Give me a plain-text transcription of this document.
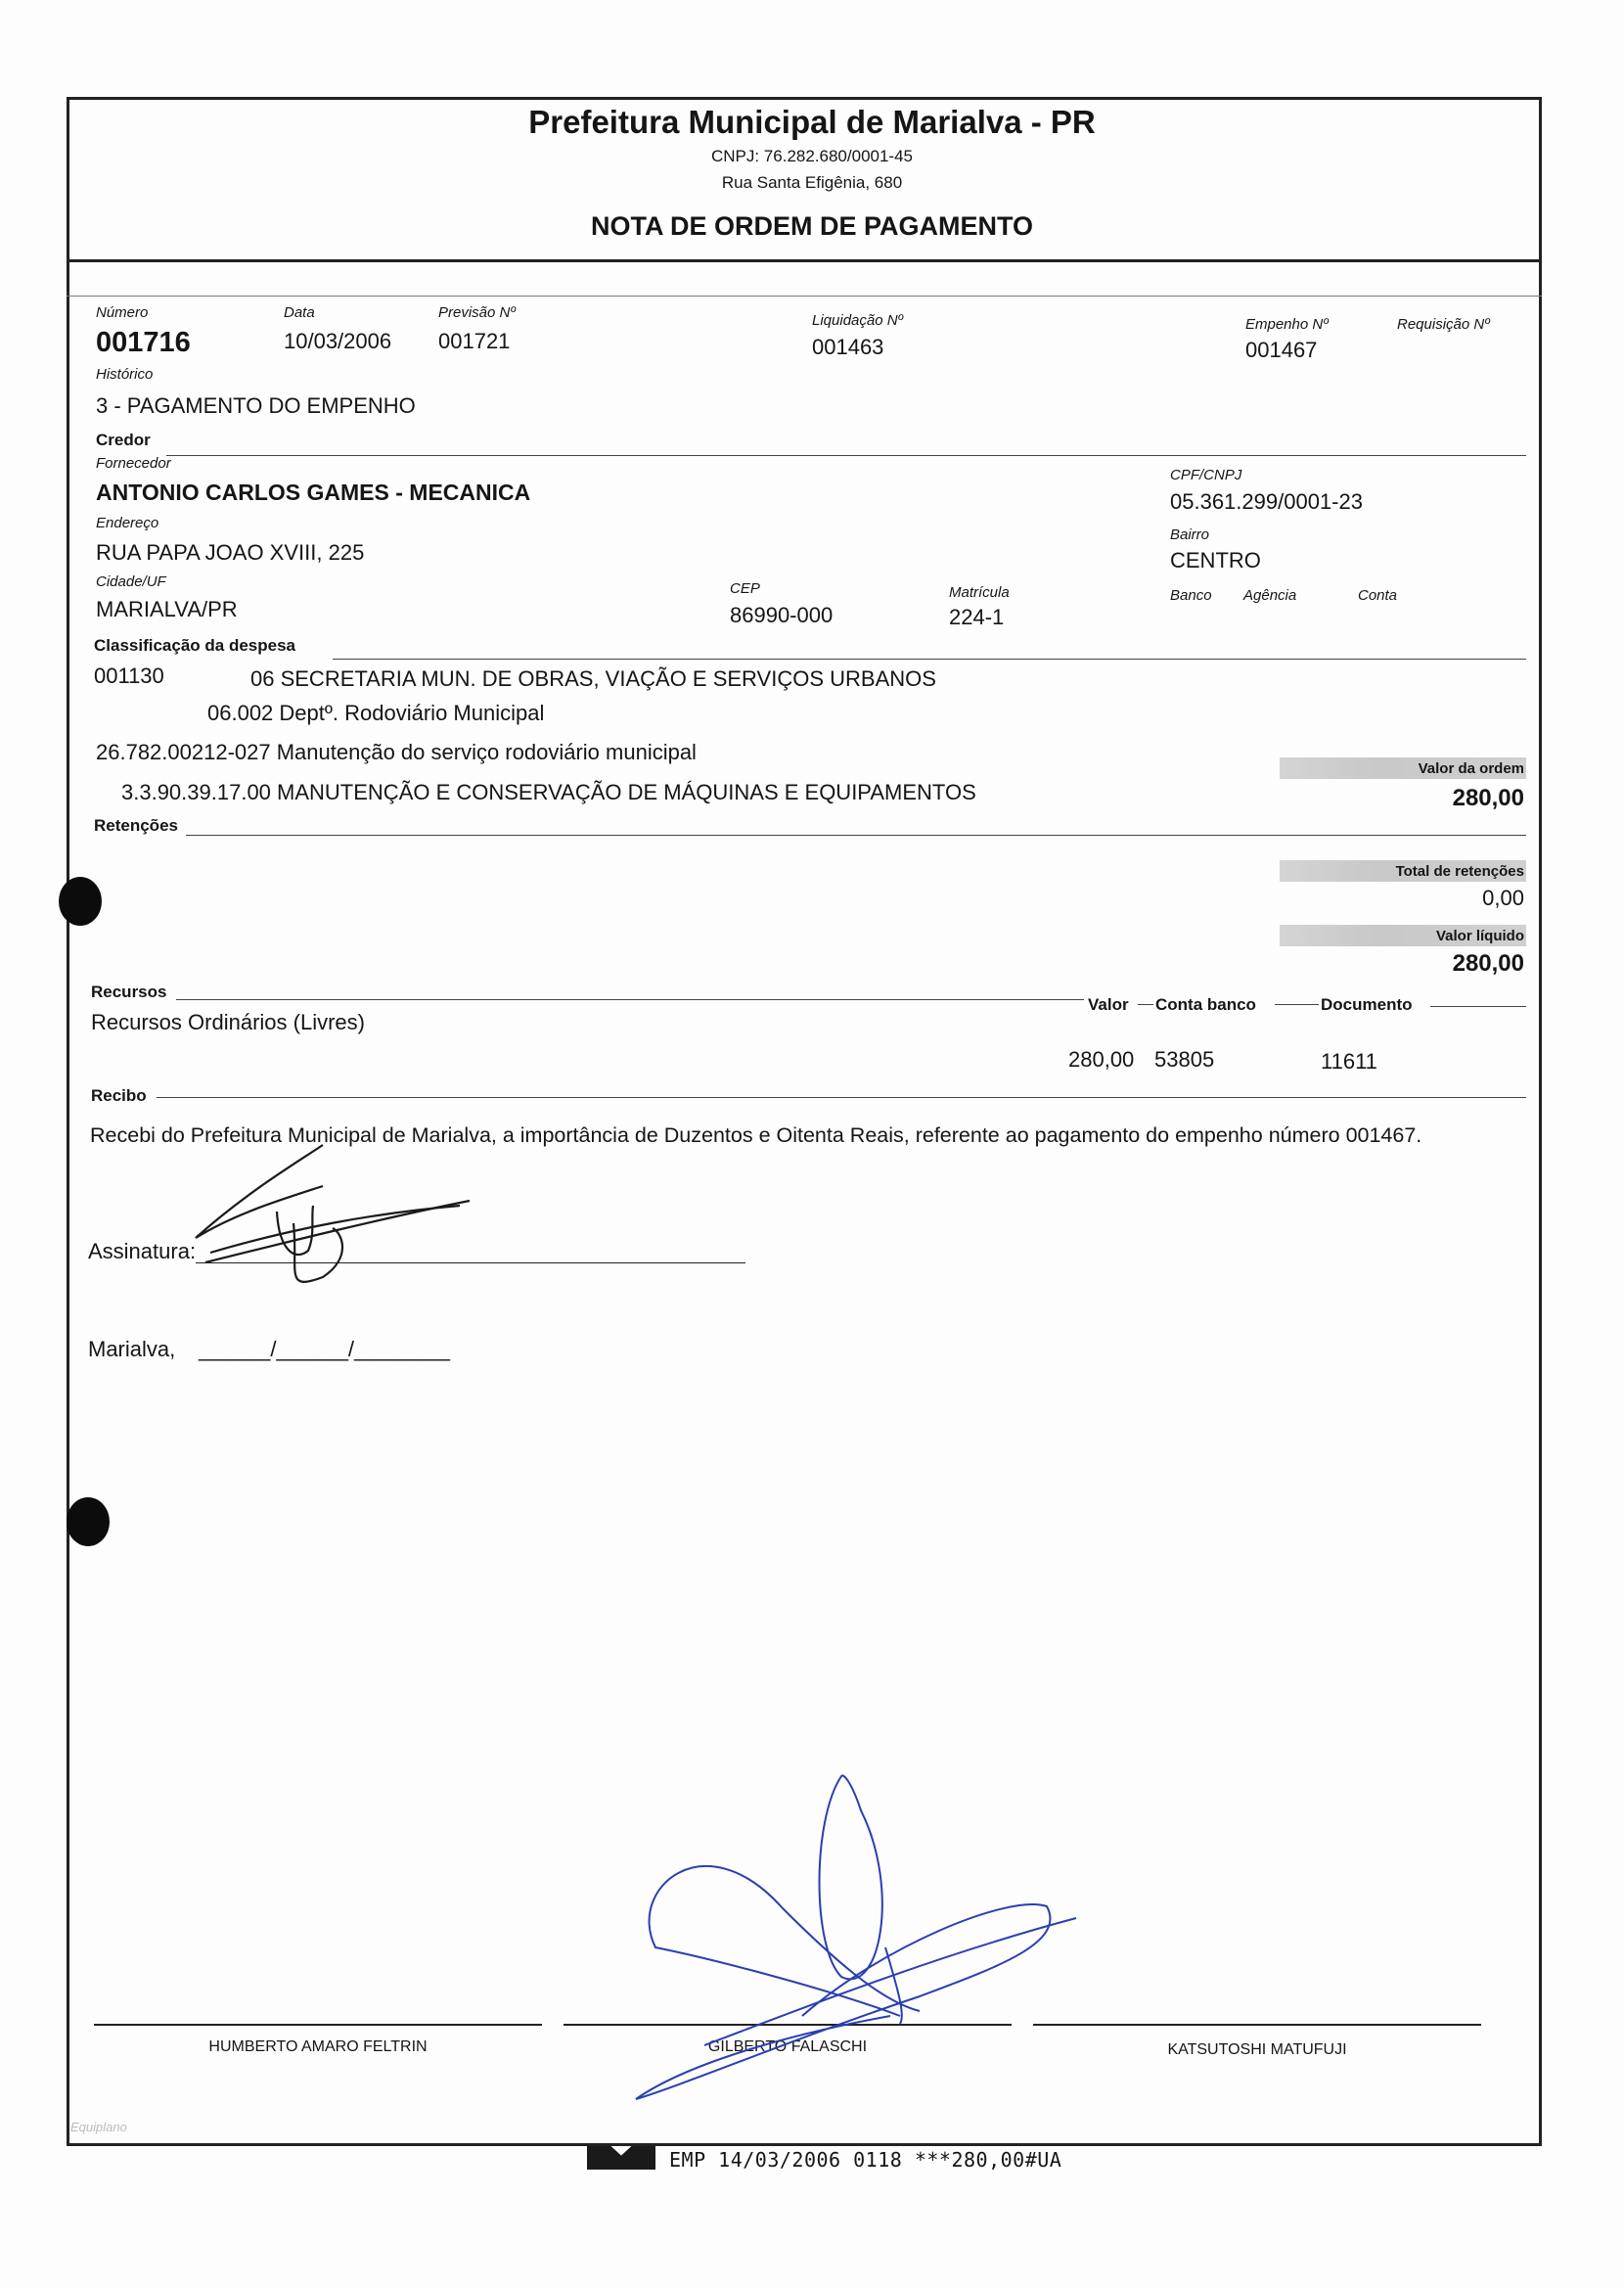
Prefeitura Municipal de Marialva - PR
CNPJ: 76.282.680/0001-45
Rua Santa Efigênia, 680
NOTA DE ORDEM DE PAGAMENTO
Número
001716
Data
10/03/2006
Previsão Nº
001721
Liquidação Nº
001463
Empenho Nº
001467
Requisição Nº
Histórico
3 - PAGAMENTO DO EMPENHO
Credor
Fornecedor
ANTONIO CARLOS GAMES - MECANICA
CPF/CNPJ
05.361.299/0001-23
Endereço
RUA PAPA JOAO XVIII, 225
Bairro
CENTRO
Cidade/UF
MARIALVA/PR
CEP
86990-000
Matrícula
224-1
Banco Agência	Conta
Classificação da despesa
001130	06 SECRETARIA MUN. DE OBRAS, VIAÇÃO E SERVIÇOS URBANOS
06.002 Deptº. Rodoviário Municipal
26.782.00212-027 Manutenção do serviço rodoviário municipal
3.3.90.39.17.00 MANUTENÇÃO E CONSERVAÇÃO DE MÁQUINAS E EQUIPAMENTOS
Valor da ordem
280,00
Retenções
Total de retenções
0,00
Valor líquido
280,00
Recursos
Valor Conta banco	Documento
Recursos Ordinários (Livres)
280,00 53805	11611
Recibo
Recebi do Prefeitura Municipal de Marialva, a importância de Duzentos e Oitenta Reais, referente ao pagamento do empenho número 001467.
Assinatura:
Marialva, ______/______/________
HUMBERTO AMARO FELTRIN	GILBERTO FALASCHI	KATSUTOSHI MATUFUJI
Equiplano
EMP 14/03/2006 0118 ***280,00#UA
